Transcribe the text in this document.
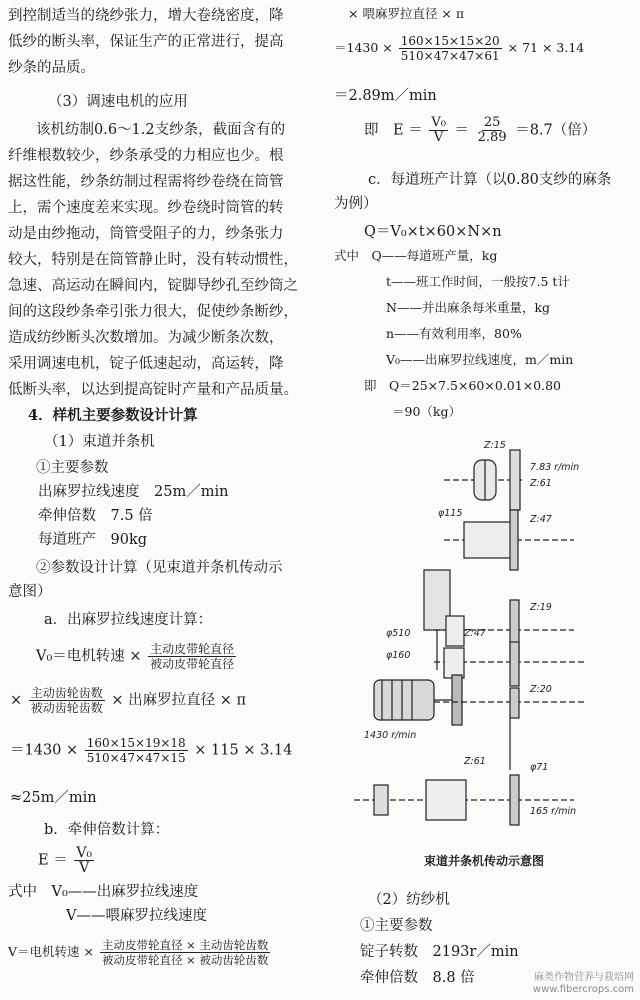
到控制适当的绕纱张力，增大卷绕密度，降
低纱的断头率，保证生产的正常进行，提高
纱条的品质。
（3）调速电机的应用
该机纺制0.6～1.2支纱条，截面含有的
纤维根数较少，纱条承受的力相应也少。根
据这性能，纱条纺制过程需将纱卷绕在筒管
上，需个速度差来实现。纱卷绕时筒管的转
动是由纱拖动，筒管受阻子的力，纱条张力
较大，特别是在筒管静止时，没有转动惯性，
急速、高运动在瞬间内，锭脚导纱孔至纱筒之
间的这段纱条牵引张力很大，促使纱条断纱，
造成纺纱断头次数增加。为减少断条次数，
采用调速电机，锭子低速起动，高运转，降
低断头率，以达到提高锭时产量和产品质量。
4．样机主要参数设计计算
（1）束道并条机
①主要参数
出麻罗拉线速度　25m／min
牵伸倍数　7.5 倍
每道班产　90kg
②参数设计计算（见束道并条机传动示
意图）
a．出麻罗拉线速度计算：
V₀＝电机转速 × $\frac{\text{主动皮带轮直径}}{\text{被动皮带轮直径}}$
× $\frac{\text{主动齿轮齿数}}{\text{被动齿轮齿数}}$ × 出麻罗拉直径 × π
$=1430 \times \frac{160\times 15\times 19\times 18}{510\times 47\times 47\times 15} \times 115 \times 3.14$
≈25m／min
b．牵伸倍数计算：
$E = \frac{\text{V₀}}{V}$
式中　V₀——出麻罗拉线速度
V——喂麻罗拉线速度
V＝电机转速 × $\frac{\text{主动皮带轮直径 × 主动齿轮齿数}}{\text{被动皮带轮直径 × 被动齿轮齿数}}$
× 喂麻罗拉直径 × π
$=1430 \times \frac{160\times 15\times 15\times 20}{510\times 47\times 47\times 61} \times 71 \times 3.14$
＝2.89m／min
即　$E = \frac{\text{V₀}}{V} = \frac{25}{2.89} =8.7$（倍）
c．每道班产计算（以0.80支纱的麻条
为例）
Q＝V₀×t×60×N×n
式中　Q——每道班产量，kg
t——班工作时间，一般按7.5 t计
N——并出麻条每米重量，kg
n——有效利用率，80%
V₀——出麻罗拉线速度，m／min
即　Q＝25×7.5×60×0.01×0.80
＝90（kg）
Z:15
7.83 r/min
Z:61
φ115
Z:47
Z:19
φ510
φ160
Z:47
Z:20
1430 r/min
Z:61
φ71
165 r/min
束道并条机传动示意图
（2）纺纱机
①主要参数
锭子转数　2193r／min
牵伸倍数　8.8 倍	麻类作物营养与栽培网
www.fibercrops.com
